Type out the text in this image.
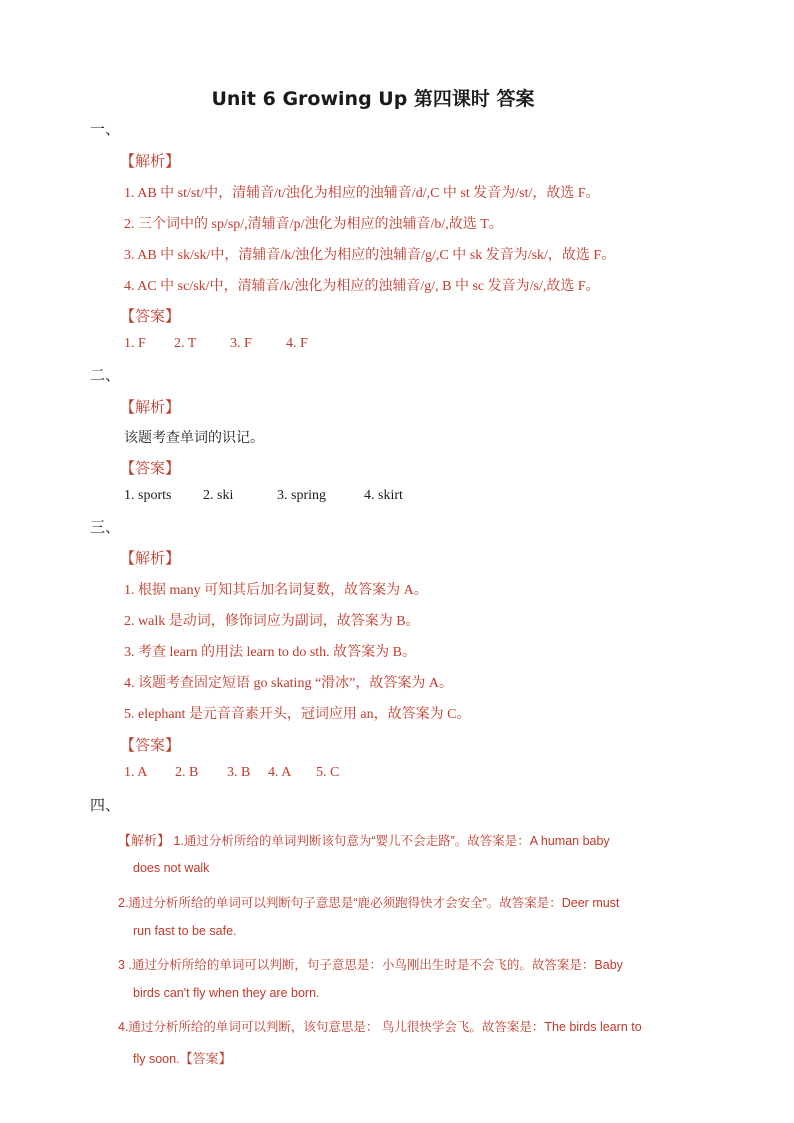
Unit 6 Growing Up 第四课时 答案
一、
【解析】
1. AB 中 st/st/中，清辅音/t/浊化为相应的浊辅音/d/,C 中 st 发音为/st/，故选 F。
2. 三个词中的 sp/sp/,清辅音/p/浊化为相应的浊辅音/b/,故选 T。
3. AB 中 sk/sk/中，清辅音/k/浊化为相应的浊辅音/g/,C 中 sk 发音为/sk/，故选 F。
4. AC 中 sc/sk/中，清辅音/k/浊化为相应的浊辅音/g/, B 中 sc 发音为/s/,故选 F。
【答案】
1. F 2. T 3. F 4. F
二、
【解析】
该题考查单词的识记。
【答案】
1. sports 2. ski	3. spring	4. skirt
三、
【解析】
1. 根据 many 可知其后加名词复数，故答案为 A。
2. walk 是动词，修饰词应为副词，故答案为 B。
3. 考查 learn 的用法 learn to do sth. 故答案为 B。
4. 该题考查固定短语 go skating “滑冰”，故答案为 A。
5. elephant 是元音音素开头，冠词应用 an，故答案为 C。
【答案】
1. A 2. B 3. B 4. A 5. C
四、
【解析】 1.通过分析所给的单词判断该句意为“婴儿不会走路”。故答案是：A human baby
does not walk
2.通过分析所给的单词可以判断句子意思是“鹿必须跑得快才会安全”。故答案是：Deer must
run fast to be safe.
3 .通过分析所给的单词可以判断，句子意思是：小鸟刚出生时是不会飞的。故答案是：Baby
birds can't fly when they are born.
4.通过分析所给的单词可以判断，该句意思是： 鸟儿很快学会飞。故答案是：The birds learn to
fly soon.【答案】
